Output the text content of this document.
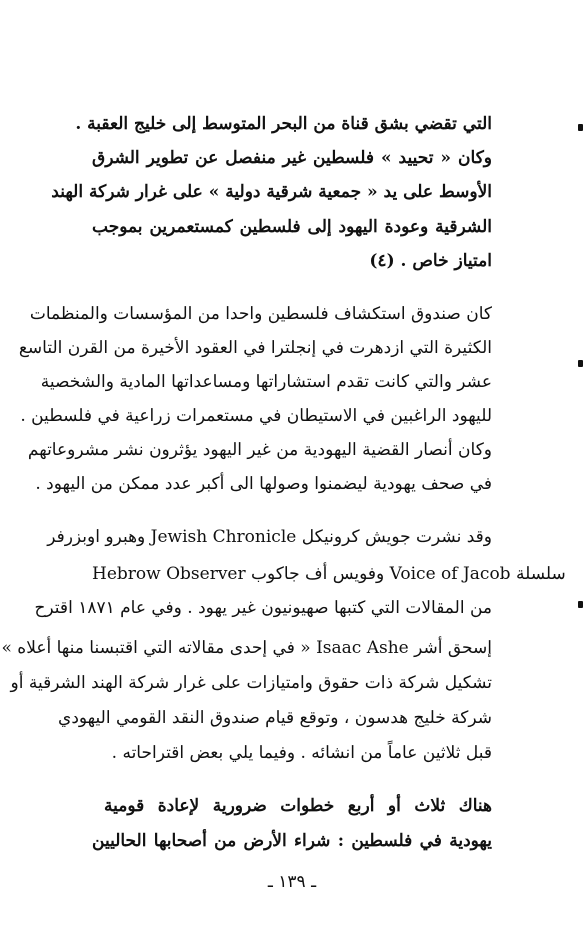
التي تقضي بشق قناة من البحر المتوسط إلى خليج العقبة .
وكان « تحييد » فلسطين غير منفصل عن تطوير الشرق
الأوسط على يد « جمعية شرقية دولية » على غرار شركة الهند
الشرقية وعودة اليهود إلى فلسطين كمستعمرين بموجب
امتياز خاص . (٤)
كان صندوق استكشاف فلسطين واحدا من المؤسسات والمنظمات
الكثيرة التي ازدهرت في إنجلترا في العقود الأخيرة من القرن التاسع
عشر والتي كانت تقدم استشاراتها ومساعداتها المادية والشخصية
لليهود الراغبين في الاستيطان في مستعمرات زراعية في فلسطين .
وكان أنصار القضية اليهودية من غير اليهود يؤثرون نشر مشروعاتهم
في صحف يهودية ليضمنوا وصولها الى أكبر عدد ممكن من اليهود .
وقد نشرت جويش كرونيكل Jewish Chronicle وهبرو اوبزرفر
Hebrow Observer وفويس أف جاكوب Voice of Jacob سلسلة
من المقالات التي كتبها صهيونيون غير يهود . وفي عام ١٨٧١ اقترح
إسحق أشر Isaac Ashe « في إحدى مقالاته التي اقتبسنا منها أعلاه »
تشكيل شركة ذات حقوق وامتيازات على غرار شركة الهند الشرقية أو
شركة خليج هدسون ، وتوقع قيام صندوق النقد القومي اليهودي
قبل ثلاثين عاماً من انشائه . وفيما يلي بعض اقتراحاته .
هناك ثلاث أو أربع خطوات ضرورية لإعادة قومية
يهودية في فلسطين : شراء الأرض من أصحابها الحاليين
ـ ١٣٩ ـ
